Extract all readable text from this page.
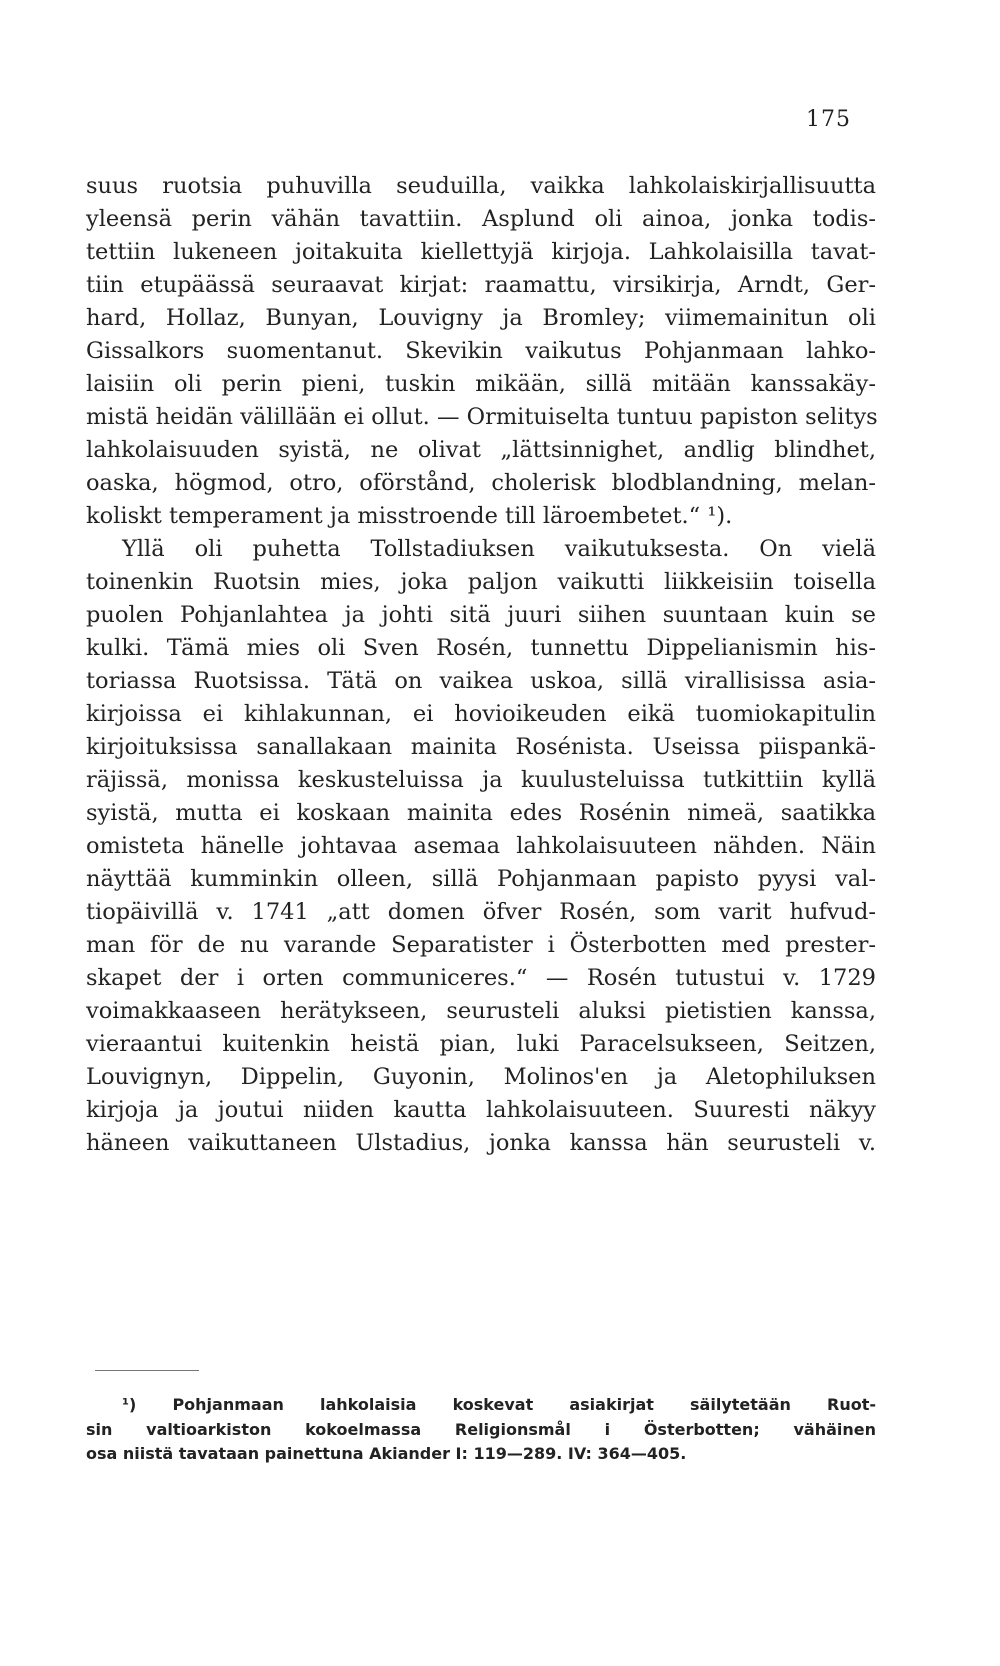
175
suus ruotsia puhuvilla seuduilla, vaikka lahkolaiskirjallisuutta
yleensä perin vähän tavattiin. Asplund oli ainoa, jonka todis-
tettiin lukeneen joitakuita kiellettyjä kirjoja. Lahkolaisilla tavat-
tiin etupäässä seuraavat kirjat: raamattu, virsikirja, Arndt, Ger-
hard, Hollaz, Bunyan, Louvigny ja Bromley; viimemainitun oli
Gissalkors suomentanut. Skevikin vaikutus Pohjanmaan lahko-
laisiin oli perin pieni, tuskin mikään, sillä mitään kanssakäy-
mistä heidän välillään ei ollut. — Ormituiselta tuntuu papiston selitys
lahkolaisuuden syistä, ne olivat „lättsinnighet, andlig blindhet,
oaska, högmod, otro, oförstånd, cholerisk blodblandning, melan-
koliskt temperament ja misstroende till läroembetet.“ ¹).
Yllä oli puhetta Tollstadiuksen vaikutuksesta. On vielä
toinenkin Ruotsin mies, joka paljon vaikutti liikkeisiin toisella
puolen Pohjanlahtea ja johti sitä juuri siihen suuntaan kuin se
kulki. Tämä mies oli Sven Rosén, tunnettu Dippelianismin his-
toriassa Ruotsissa. Tätä on vaikea uskoa, sillä virallisissa asia-
kirjoissa ei kihlakunnan, ei hovioikeuden eikä tuomiokapitulin
kirjoituksissa sanallakaan mainita Rosénista. Useissa piispankä-
räjissä, monissa keskusteluissa ja kuulusteluissa tutkittiin kyllä
syistä, mutta ei koskaan mainita edes Rosénin nimeä, saatikka
omisteta hänelle johtavaa asemaa lahkolaisuuteen nähden. Näin
näyttää kumminkin olleen, sillä Pohjanmaan papisto pyysi val-
tiopäivillä v. 1741 „att domen öfver Rosén, som varit hufvud-
man för de nu varande Separatister i Österbotten med prester-
skapet der i orten communiceres.“ — Rosén tutustui v. 1729
voimakkaaseen herätykseen, seurusteli aluksi pietistien kanssa,
vieraantui kuitenkin heistä pian, luki Paracelsukseen, Seitzen,
Louvignyn, Dippelin, Guyonin, Molinos'en ja Aletophiluksen
kirjoja ja joutui niiden kautta lahkolaisuuteen. Suuresti näkyy
häneen vaikuttaneen Ulstadius, jonka kanssa hän seurusteli v.
¹) Pohjanmaan lahkolaisia koskevat asiakirjat säilytetään Ruot-
sin valtioarkiston kokoelmassa Religionsmål i Österbotten; vähäinen
osa niistä tavataan painettuna Akiander I: 119—289. IV: 364—405.
